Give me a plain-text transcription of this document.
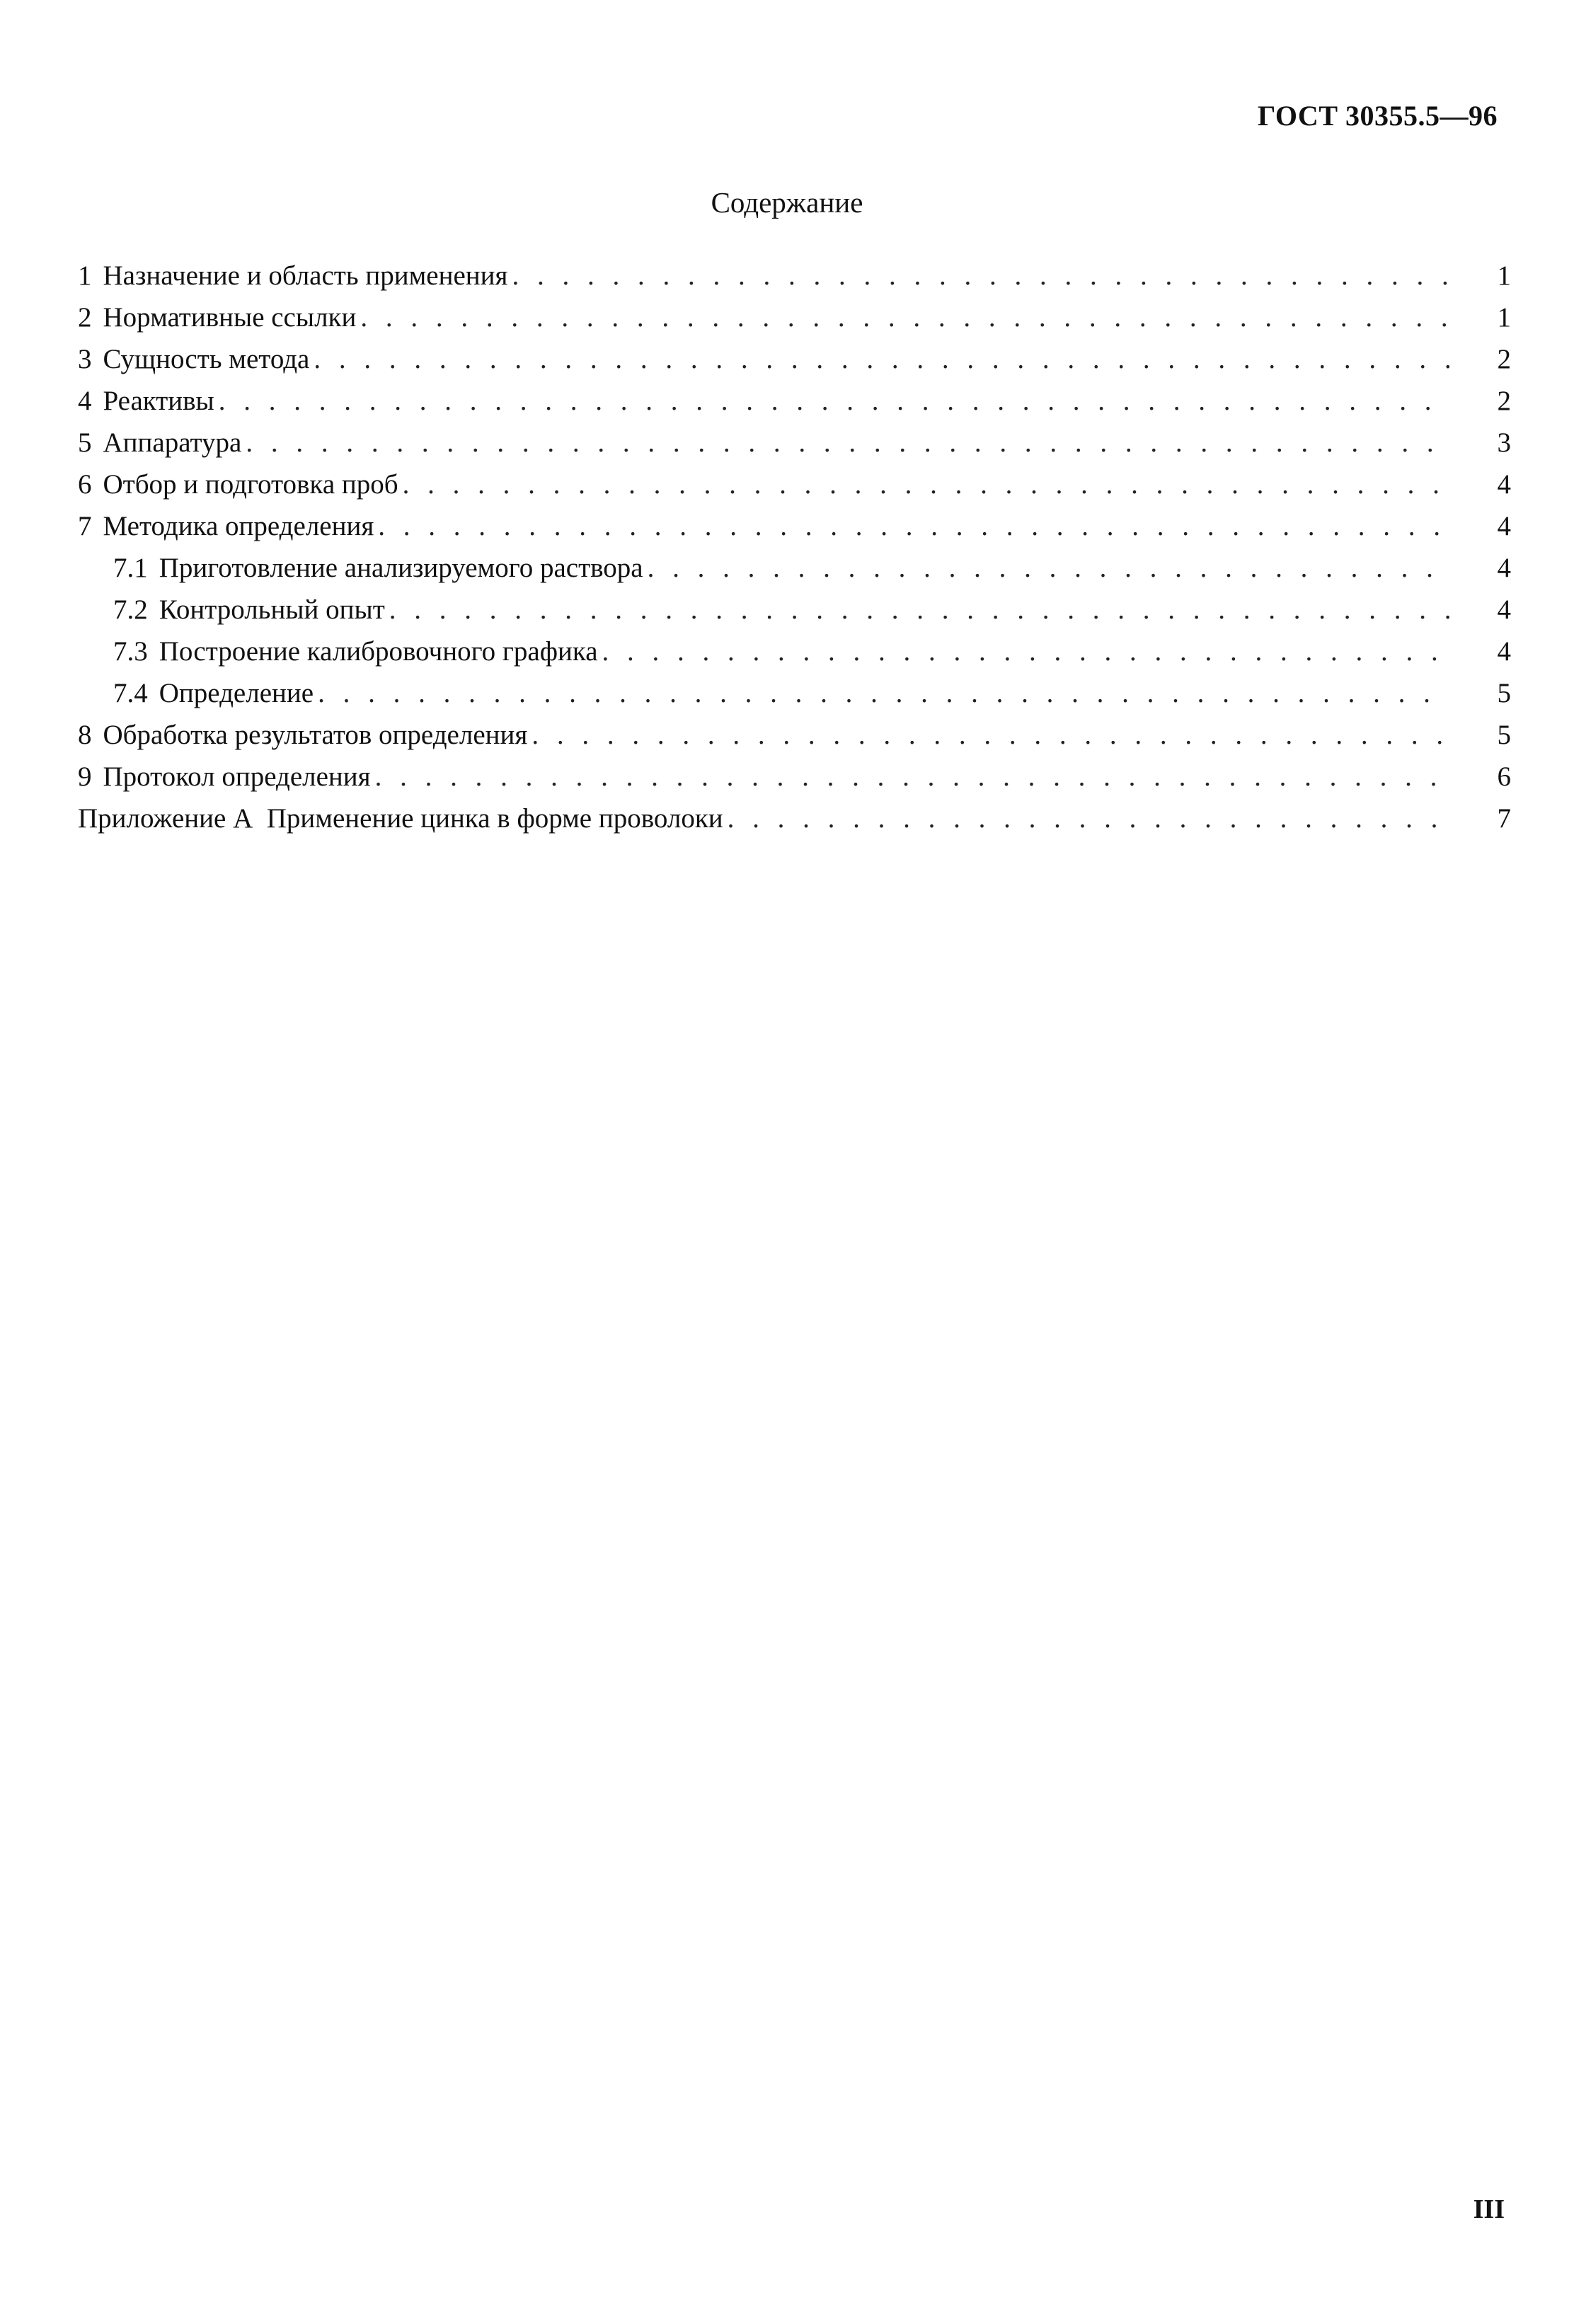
ГОСТ 30355.5—96
Содержание
1 Назначение и область применения . . .	1
2 Нормативные ссылки . . .	1
3 Сущность метода . . .	2
4 Реактивы . . .	2
5 Аппаратура . . .	3
6 Отбор и подготовка проб . . .	4
7 Методика определения . . .	4
7.1 Приготовление анализируемого раствора . . .	4
7.2 Контрольный опыт . . .	4
7.3 Построение калибровочного графика . . .	4
7.4 Определение . . .	5
8 Обработка результатов определения . . .	5
9 Протокол определения . . .	6
Приложение А  Применение цинка в форме проволоки . . .	7
III
